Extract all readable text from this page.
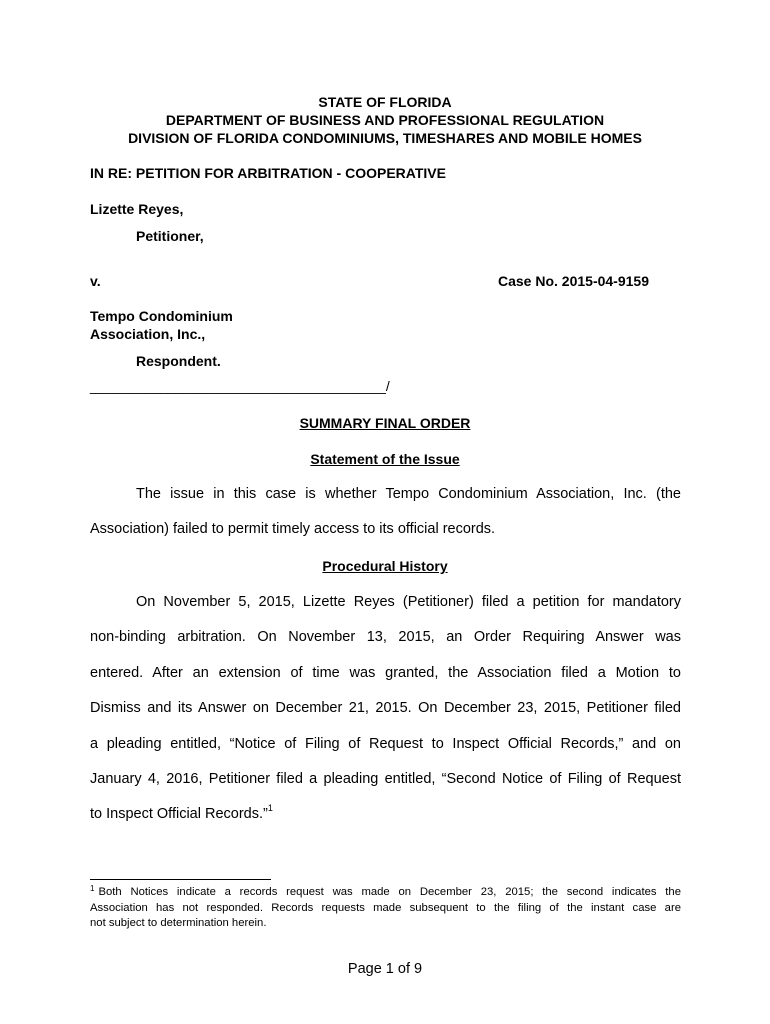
STATE OF FLORIDA
DEPARTMENT OF BUSINESS AND PROFESSIONAL REGULATION
DIVISION OF FLORIDA CONDOMINIUMS, TIMESHARES AND MOBILE HOMES
IN RE: PETITION FOR ARBITRATION - COOPERATIVE
Lizette Reyes,
Petitioner,
v.	Case No. 2015-04-9159
Tempo Condominium
Association, Inc.,
Respondent.
______________________________________/
SUMMARY FINAL ORDER
Statement of the Issue
The issue in this case is whether Tempo Condominium Association, Inc. (the
Association) failed to permit timely access to its official records.
Procedural History
On November 5, 2015, Lizette Reyes (Petitioner) filed a petition for mandatory
non-binding arbitration. On November 13, 2015, an Order Requiring Answer was
entered. After an extension of time was granted, the Association filed a Motion to
Dismiss and its Answer on December 21, 2015. On December 23, 2015, Petitioner filed
a pleading entitled, “Notice of Filing of Request to Inspect Official Records,” and on
January 4, 2016, Petitioner filed a pleading entitled, “Second Notice of Filing of Request
to Inspect Official Records.”$^1$
$^1$ Both Notices indicate a records request was made on December 23, 2015; the second indicates the
Association has not responded. Records requests made subsequent to the filing of the instant case are
not subject to determination herein.
Page 1 of 9
